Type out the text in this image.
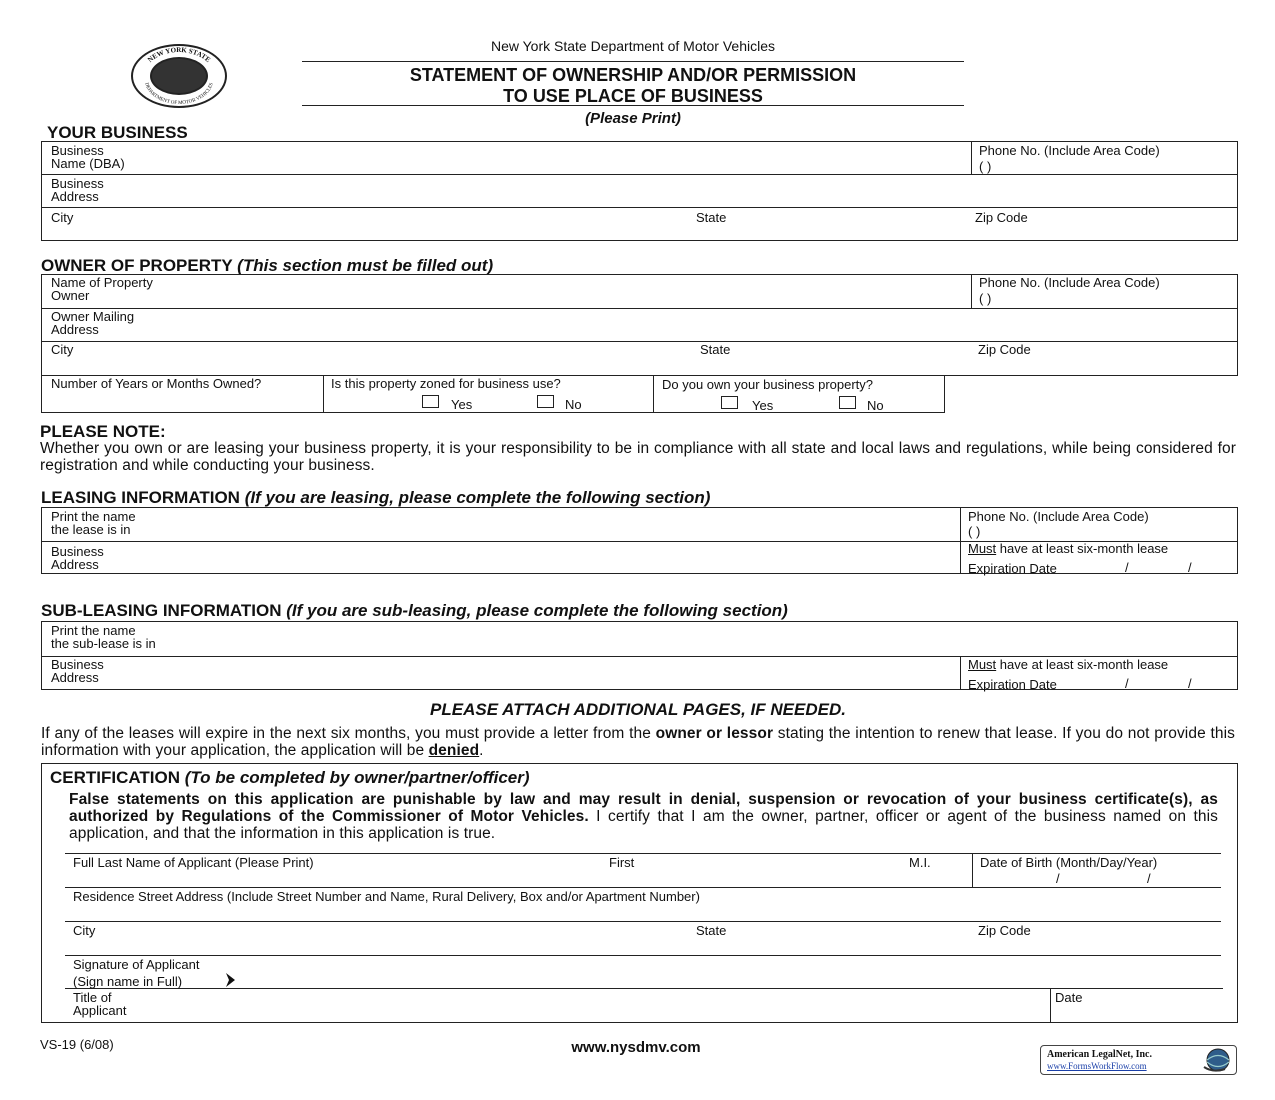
NEW YORK STATE
DEPARTMENT OF MOTOR VEHICLES
New York State Department of Motor Vehicles
STATEMENT OF OWNERSHIP AND/OR PERMISSION
TO USE PLACE OF BUSINESS
(Please Print)
YOUR BUSINESS
Business
Name (DBA)
Phone No. (Include Area Code)
( )
Business
Address
City	State	Zip Code
OWNER OF PROPERTY (This section must be filled out)
Name of Property
Owner
Phone No. (Include Area Code)
( )
Owner Mailing
Address
City	State	Zip Code
Number of Years or Months Owned?	Is this property zoned for business use?
Yes	No
Do you own your business property?
Yes	No
PLEASE NOTE:
Whether you own or are leasing your business property, it is your responsibility to be in compliance with all state and local laws and regulations, while being considered for registration and while conducting your business.
LEASING INFORMATION (If you are leasing, please complete the following section)
Print the name
the lease is in
Phone No. (Include Area Code)
( )
Business
Address
Must have at least six-month lease
Expiration Date	/	/
SUB-LEASING INFORMATION (If you are sub-leasing, please complete the following section)
Print the name
the sub-lease is in
Business
Address
Must have at least six-month lease
Expiration Date	/	/
PLEASE ATTACH ADDITIONAL PAGES, IF NEEDED.
If any of the leases will expire in the next six months, you must provide a letter from the owner or lessor stating the intention to renew that lease. If you do not provide this information with your application, the application will be denied.
CERTIFICATION (To be completed by owner/partner/officer)
False statements on this application are punishable by law and may result in denial, suspension or revocation of your business certificate(s), as authorized by Regulations of the Commissioner of Motor Vehicles. I certify that I am the owner, partner, officer or agent of the business named on this application, and that the information in this application is true.
Full Last Name of Applicant (Please Print)	First	M.I.	Date of Birth (Month/Day/Year)
/	/
Residence Street Address (Include Street Number and Name, Rural Delivery, Box and/or Apartment Number)
City	State	Zip Code
Signature of Applicant
(Sign name in Full)
Title of
Applicant
Date
VS-19 (6/08)	www.nysdmv.com	American LegalNet, Inc.
www.FormsWorkFlow.com
